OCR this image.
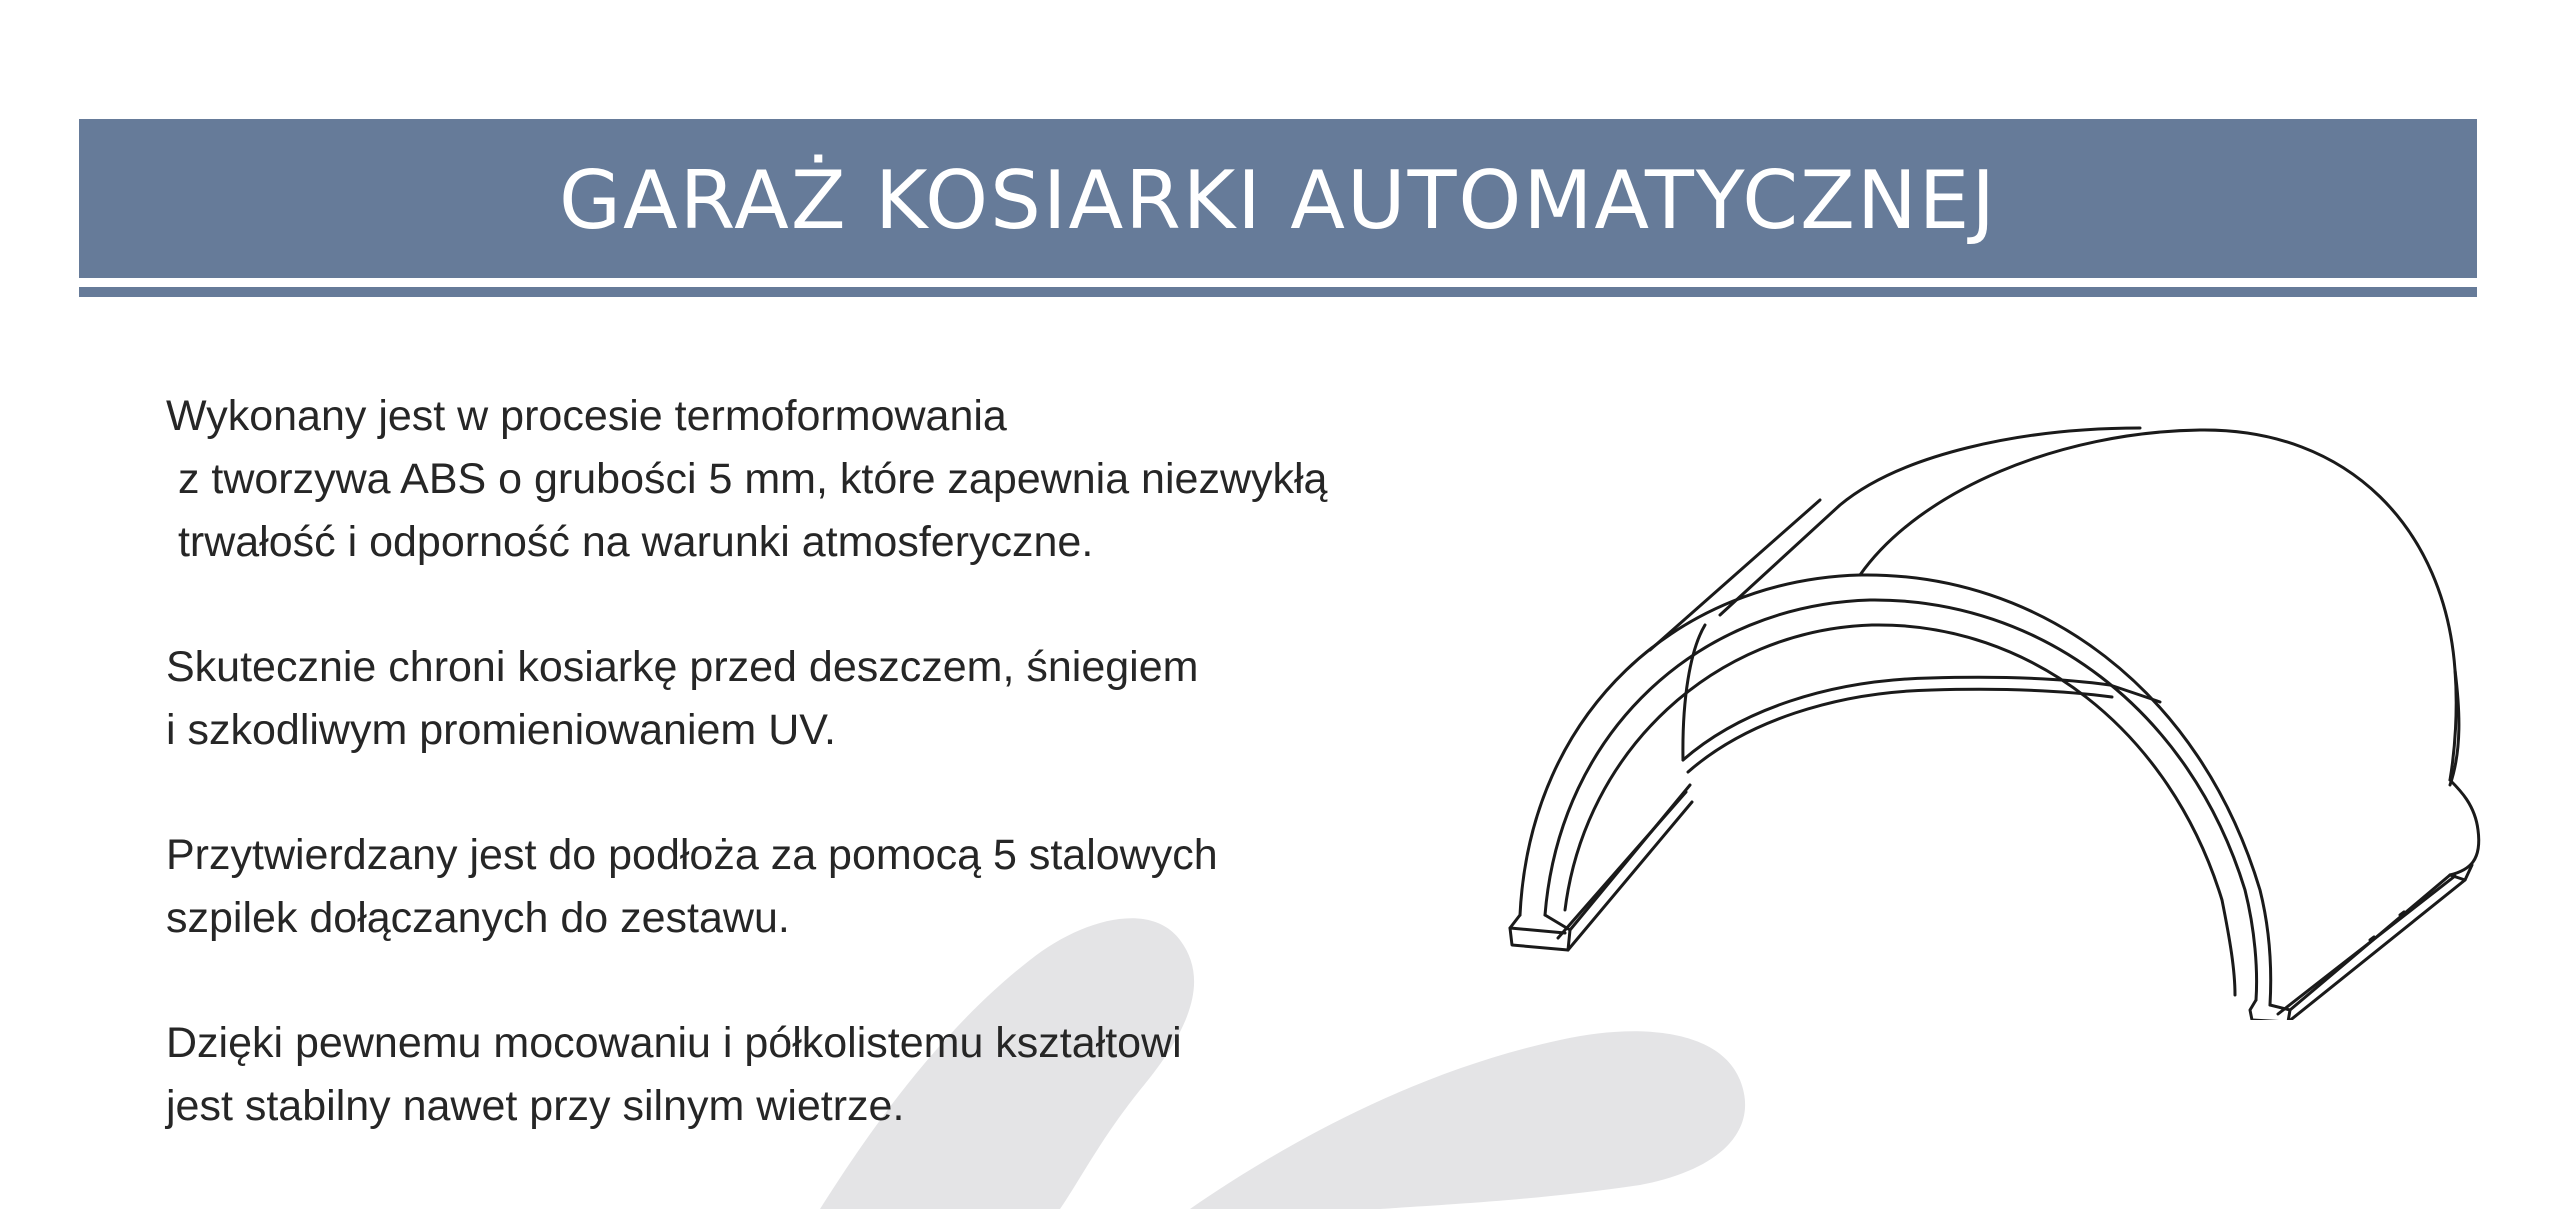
GARAŻ KOSIARKI AUTOMATYCZNEJ

Wykonany jest w procesie termoformowania
z tworzywa ABS o grubości 5 mm, które zapewnia niezwykłą
trwałość i odporność na warunki atmosferyczne.

Skutecznie chroni kosiarkę przed deszczem, śniegiem
i szkodliwym promieniowaniem UV.

Przytwierdzany jest do podłoża za pomocą 5 stalowych
szpilek dołączanych do zestawu.

Dzięki pewnemu mocowaniu i półkolistemu kształtowi
jest stabilny nawet przy silnym wietrze.
